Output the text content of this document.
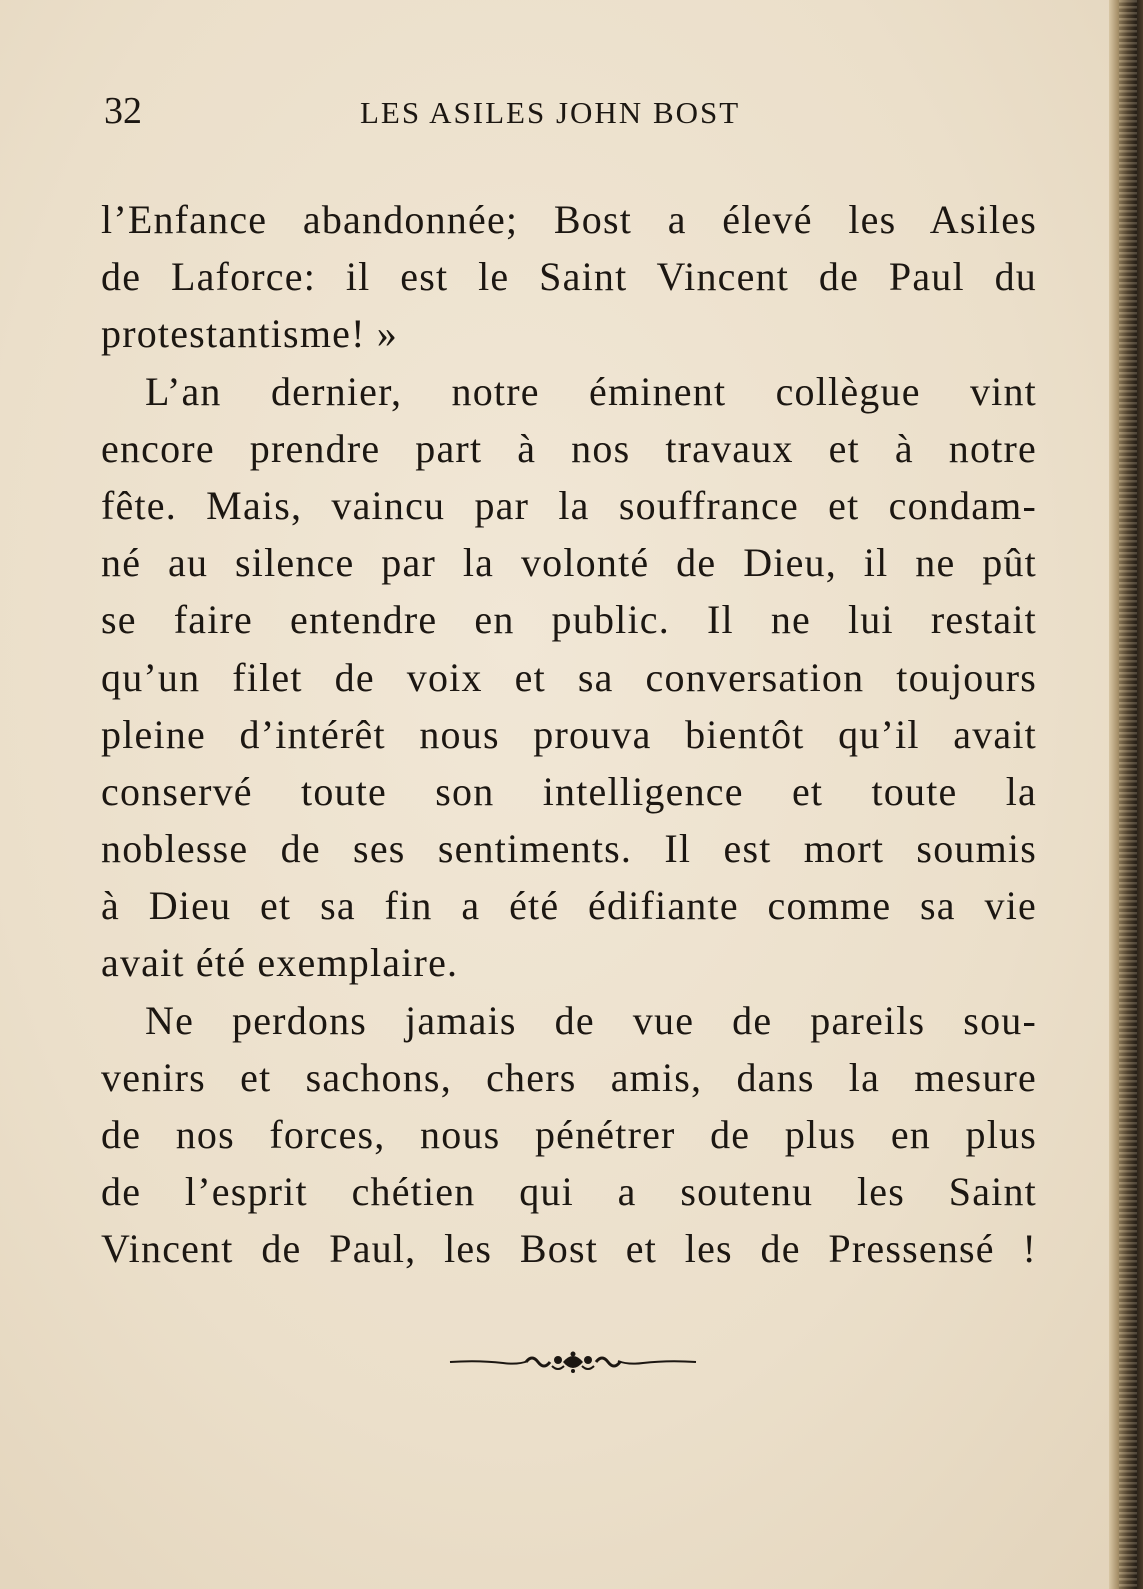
32	LES ASILES JOHN BOST
l’Enfance abandonnée; Bost a élevé les Asiles
de Laforce: il est le Saint Vincent de Paul du
protestantisme! »
L’an dernier, notre éminent collègue vint
encore prendre part à nos travaux et à notre
fête. Mais, vaincu par la souffrance et condam-
né au silence par la volonté de Dieu, il ne pût
se faire entendre en public. Il ne lui restait
qu’un filet de voix et sa conversation toujours
pleine d’intérêt nous prouva bientôt qu’il avait
conservé toute son intelligence et toute la
noblesse de ses sentiments. Il est mort soumis
à Dieu et sa fin a été édifiante comme sa vie
avait été exemplaire.
Ne perdons jamais de vue de pareils sou-
venirs et sachons, chers amis, dans la mesure
de nos forces, nous pénétrer de plus en plus
de l’esprit chétien qui a soutenu les Saint
Vincent de Paul, les Bost et les de Pressensé !
